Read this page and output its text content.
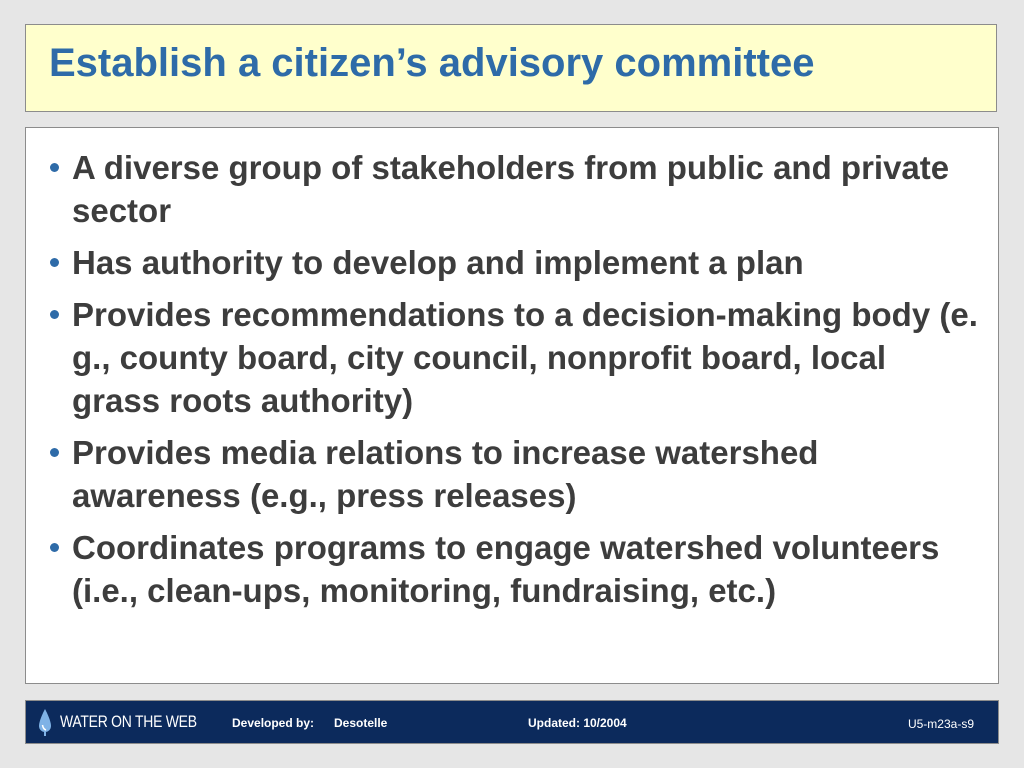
Establish a citizen’s advisory committee
A diverse group of stakeholders from public and private sector
Has authority to develop and implement a plan
Provides recommendations to a decision-making body (e. g., county board, city council, nonprofit board, local grass roots authority)
Provides media relations to increase watershed awareness (e.g., press releases)
Coordinates programs to engage watershed volunteers (i.e., clean-ups, monitoring, fundraising, etc.)
WATER ON THE WEB	Developed by: Desotelle	Updated: 10/2004	U5-m23a-s9
